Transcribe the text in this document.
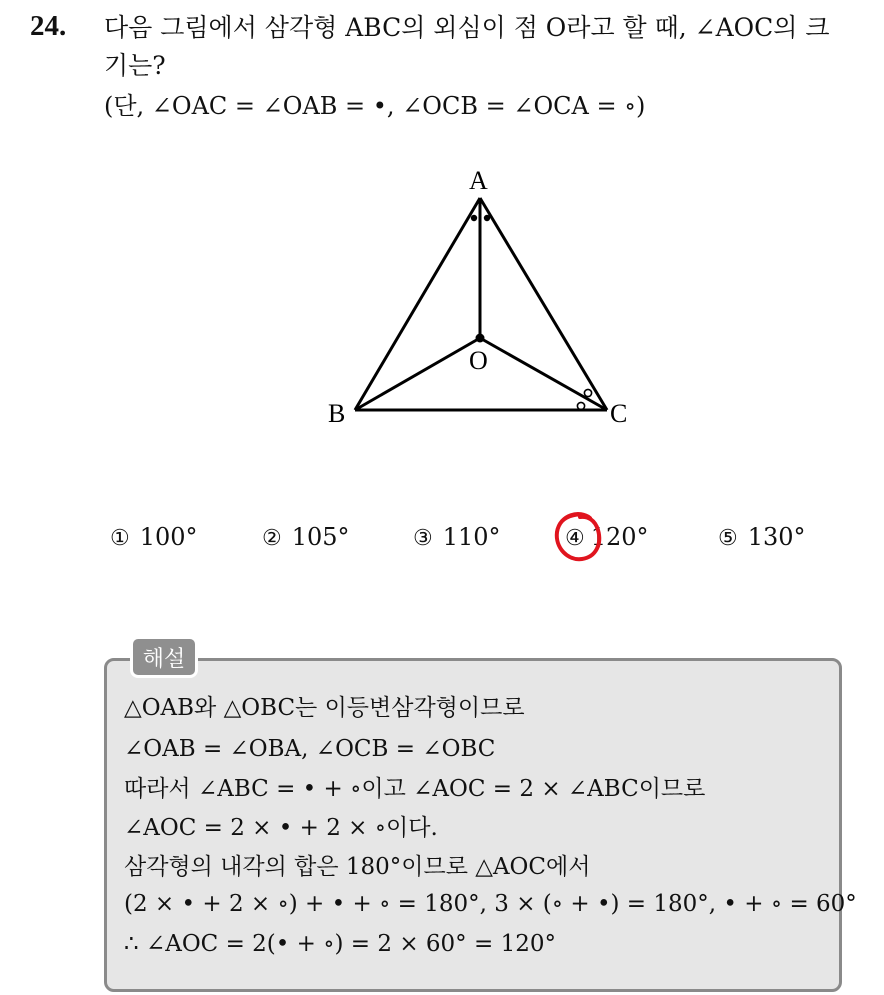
24. 다음 그림에서 삼각형 ABC의 외심이 점 O라고 할 때, ∠AOC의 크
기는?
(단, ∠OAC = ∠OAB = •, ∠OCB = ∠OCA = ∘)
A
O
B	C
① 100°	② 105°	③ 110°	④ 120°	⑤ 130°
해설
△OAB와 △OBC는 이등변삼각형이므로
∠OAB = ∠OBA, ∠OCB = ∠OBC
따라서 ∠ABC = • + ∘이고 ∠AOC = 2 × ∠ABC이므로
∠AOC = 2 × • + 2 × ∘이다.
삼각형의 내각의 합은 180°이므로 △AOC에서
(2 × • + 2 × ∘) + • + ∘ = 180°, 3 × (∘ + •) = 180°, • + ∘ = 60°
∴ ∠AOC = 2(• + ∘) = 2 × 60° = 120°
